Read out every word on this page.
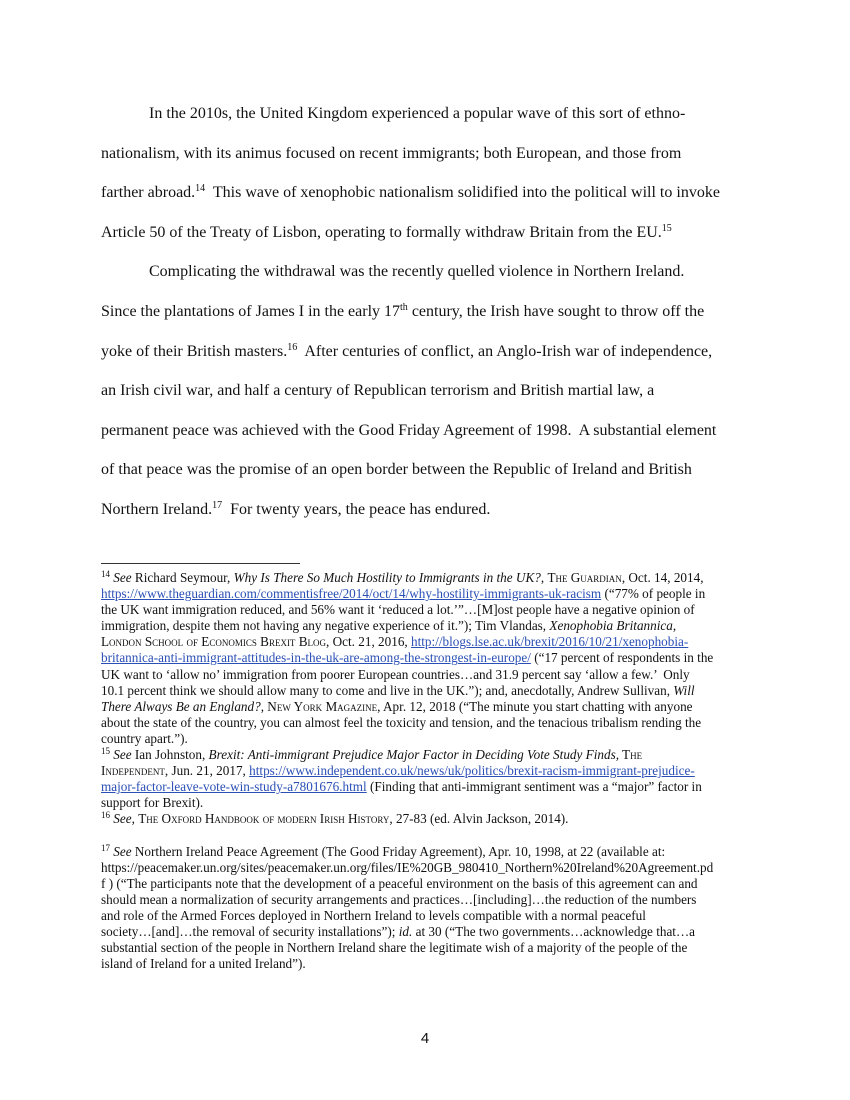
In the 2010s, the United Kingdom experienced a popular wave of this sort of ethno-
nationalism, with its animus focused on recent immigrants; both European, and those from
farther abroad.$^{14}$ This wave of xenophobic nationalism solidified into the political will to invoke
Article 50 of the Treaty of Lisbon, operating to formally withdraw Britain from the EU.$^{15}$

Complicating the withdrawal was the recently quelled violence in Northern Ireland.
Since the plantations of James I in the early 17th century, the Irish have sought to throw off the
yoke of their British masters.$^{16}$ After centuries of conflict, an Anglo-Irish war of independence,
an Irish civil war, and half a century of Republican terrorism and British martial law, a
permanent peace was achieved with the Good Friday Agreement of 1998.  A substantial element
of that peace was the promise of an open border between the Republic of Ireland and British
Northern Ireland.$^{17}$ For twenty years, the peace has endured.

$^{14}$ See Richard Seymour, Why Is There So Much Hostility to Immigrants in the UK?, The Guardian, Oct. 14, 2014,
https://www.theguardian.com/commentisfree/2014/oct/14/why-hostility-immigrants-uk-racism (“77% of people in
the UK want immigration reduced, and 56% want it ‘reduced a lot.’”…[M]ost people have a negative opinion of
immigration, despite them not having any negative experience of it.”); Tim Vlandas, Xenophobia Britannica,
London School of Economics Brexit Blog, Oct. 21, 2016, http://blogs.lse.ac.uk/brexit/2016/10/21/xenophobia-
britannica-anti-immigrant-attitudes-in-the-uk-are-among-the-strongest-in-europe/ (“17 percent of respondents in the
UK want to ‘allow no’ immigration from poorer European countries…and 31.9 percent say ‘allow a few.’  Only
10.1 percent think we should allow many to come and live in the UK.”); and, anecdotally, Andrew Sullivan, Will
There Always Be an England?, New York Magazine, Apr. 12, 2018 (“The minute you start chatting with anyone
about the state of the country, you can almost feel the toxicity and tension, and the tenacious tribalism rending the
country apart.”).
$^{15}$ See Ian Johnston, Brexit: Anti-immigrant Prejudice Major Factor in Deciding Vote Study Finds, The
Independent, Jun. 21, 2017, https://www.independent.co.uk/news/uk/politics/brexit-racism-immigrant-prejudice-
major-factor-leave-vote-win-study-a7801676.html (Finding that anti-immigrant sentiment was a “major” factor in
support for Brexit).
$^{16}$ See, The Oxford Handbook of modern Irish History, 27-83 (ed. Alvin Jackson, 2014).
$^{17}$ See Northern Ireland Peace Agreement (The Good Friday Agreement), Apr. 10, 1998, at 22 (available at:
https://peacemaker.un.org/sites/peacemaker.un.org/files/IE%20GB_980410_Northern%20Ireland%20Agreement.pd
f ) (“The participants note that the development of a peaceful environment on the basis of this agreement can and
should mean a normalization of security arrangements and practices…[including]…the reduction of the numbers
and role of the Armed Forces deployed in Northern Ireland to levels compatible with a normal peaceful
society…[and]…the removal of security installations”); id. at 30 (“The two governments…acknowledge that…a
substantial section of the people in Northern Ireland share the legitimate wish of a majority of the people of the
island of Ireland for a united Ireland”).
4
